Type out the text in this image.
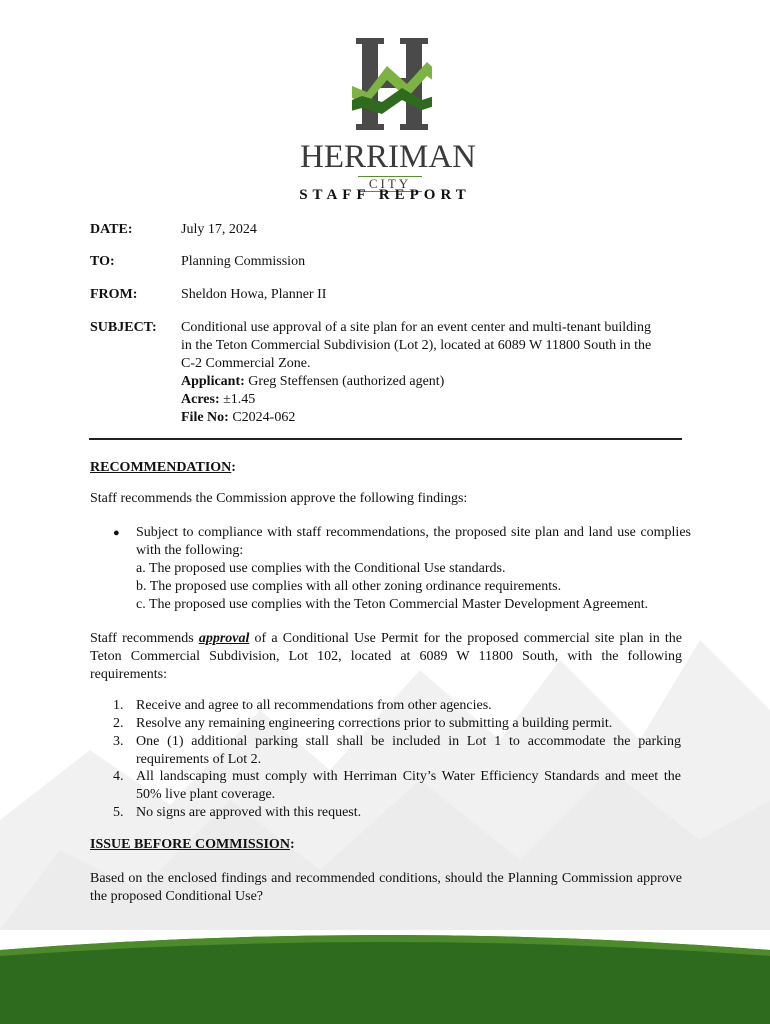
HERRIMAN
CITY
STAFF REPORT
DATE:	July 17, 2024
TO:	Planning Commission
FROM:	Sheldon Howa, Planner II
SUBJECT: Conditional use approval of a site plan for an event center and multi-tenant building
in the Teton Commercial Subdivision (Lot 2), located at 6089 W 11800 South in the
C-2 Commercial Zone.
Applicant: Greg Steffensen (authorized agent)
Acres: ±1.45
File No: C2024-062
RECOMMENDATION:
Staff recommends the Commission approve the following findings:
● Subject to compliance with staff recommendations, the proposed site plan and land use complies with the following:
a. The proposed use complies with the Conditional Use standards.
b. The proposed use complies with all other zoning ordinance requirements.
c. The proposed use complies with the Teton Commercial Master Development Agreement.
Staff recommends approval of a Conditional Use Permit for the proposed commercial site plan in the Teton Commercial Subdivision, Lot 102, located at 6089 W 11800 South, with the following requirements:
1. Receive and agree to all recommendations from other agencies.
2. Resolve any remaining engineering corrections prior to submitting a building permit.
3. One (1) additional parking stall shall be included in Lot 1 to accommodate the parking requirements of Lot 2.
4. All landscaping must comply with Herriman City’s Water Efficiency Standards and meet the 50% live plant coverage.
5. No signs are approved with this request.
ISSUE BEFORE COMMISSION:
Based on the enclosed findings and recommended conditions, should the Planning Commission approve the proposed Conditional Use?
